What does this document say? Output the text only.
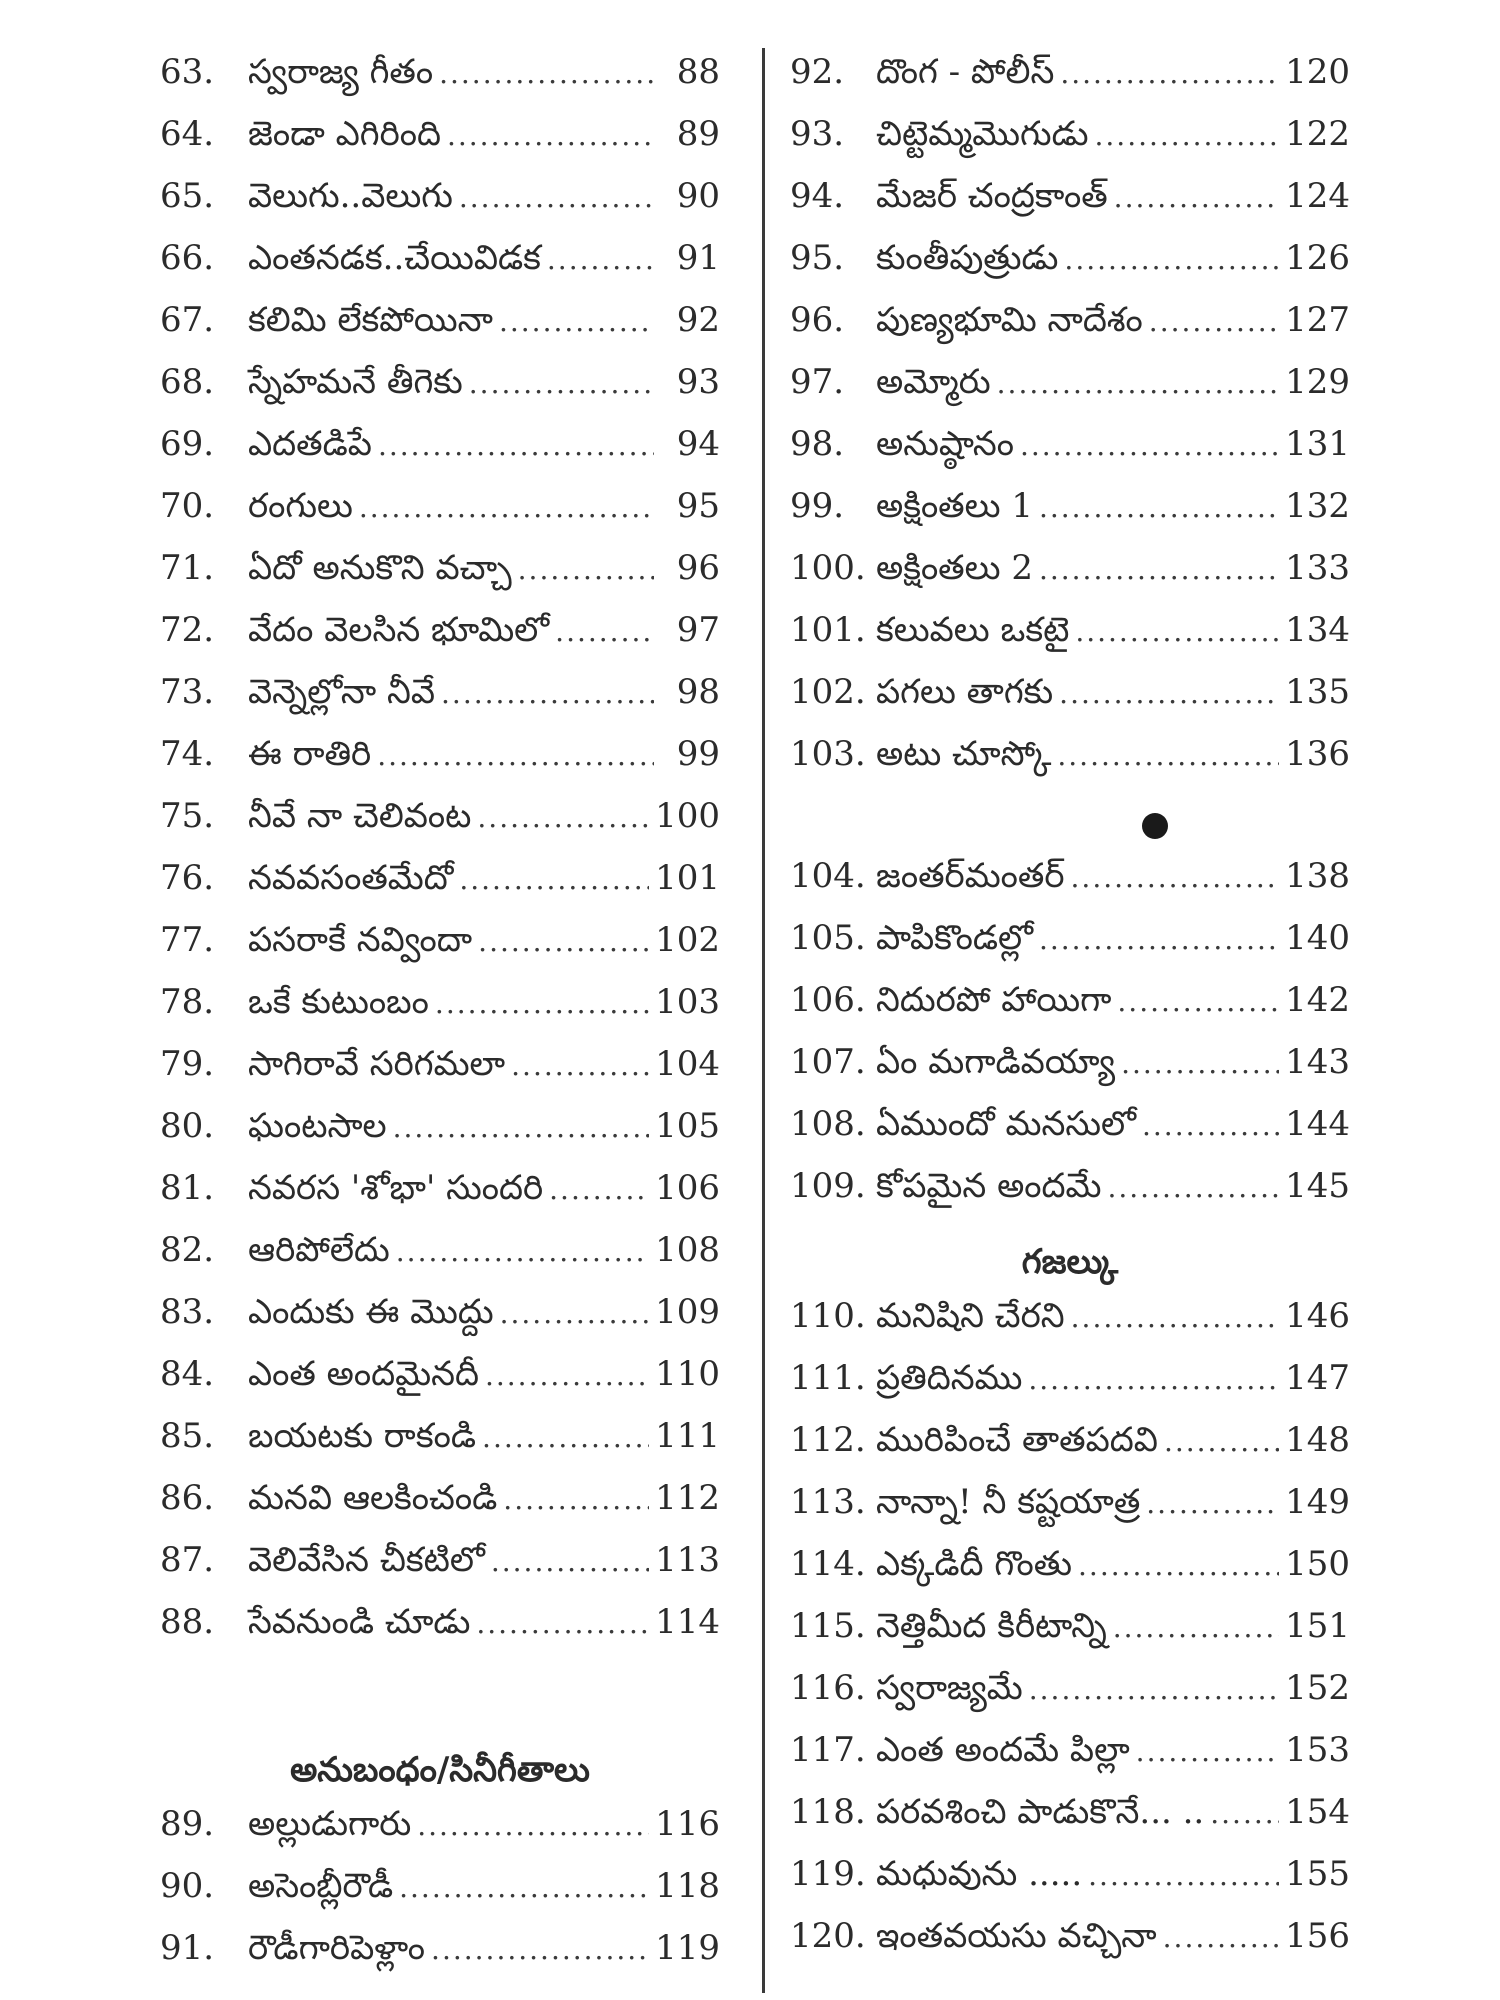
63. స్వరాజ్య గీతం .....	88
64. జెండా ఎగిరింది .....	89
65. వెలుగు..వెలుగు .....	90
66. ఎంతనడక..చేయివిడక .....	91
67. కలిమి లేకపోయినా .....	92
68. స్నేహమనే తీగెకు .....	93
69. ఎదతడిపే .....	94
70. రంగులు .....	95
71. ఏదో అనుకొని వచ్చా .....	96
72. వేదం వెలసిన భూమిలో .....	97
73. వెన్నెల్లోనా నీవే .....	98
74. ఈ రాతిరి .....	99
75. నీవే నా చెలివంట .....	100
76. నవవసంతమేదో .....	101
77. పసరాకే నవ్విందా .....	102
78. ఒకే కుటుంబం .....	103
79. సాగిరావే సరిగమలా .....	104
80. ఘంటసాల .....	105
81. నవరస 'శోభా' సుందరి .....	106
82. ఆరిపోలేదు .....	108
83. ఎందుకు ఈ మొద్దు .....	109
84. ఎంత అందమైనదీ .....	110
85. బయటకు రాకండి .....	111
86. మనవి ఆలకించండి .....	112
87. వెలివేసిన చీకటిలో .....	113
88. సేవనుండి చూడు .....	114
అనుబంధం/సినీగీతాలు
89. అల్లుడుగారు .....	116
90. అసెంబ్లీరౌడీ .....	118
91. రౌడీగారిపెళ్లాం .....	119
92. దొంగ - పోలీస్ .....	120
93. చిట్టెమ్మమొగుడు .....	122
94. మేజర్ చంద్రకాంత్ .....	124
95. కుంతీపుత్రుడు .....	126
96. పుణ్యభూమి నాదేశం .....	127
97. అమ్మోరు .....	129
98. అనుష్ఠానం .....	131
99. అక్షింతలు 1 .....	132
100. అక్షింతలు 2 .....	133
101. కలువలు ఒకటై .....	134
102. పగలు తాగకు .....	135
103. అటు చూస్కో .....	136
104. జంతర్‌మంతర్ .....	138
105. పాపికొండల్లో .....	140
106. నిదురపో హాయిగా .....	142
107. ఏం మగాడివయ్యా .....	143
108. ఏముందో మనసులో .....	144
109. కోపమైన అందమే .....	145
గజల్కు
110. మనిషిని చేరని .....	146
111. ప్రతిదినము .....	147
112. మురిపించే తాతపదవి .....	148
113. నాన్నా! నీ కష్టయాత్ర .....	149
114. ఎక్కడిదీ గొంతు .....	150
115. నెత్తిమీద కిరీటాన్ని .....	151
116. స్వరాజ్యమే .....	152
117. ఎంత అందమే పిల్లా .....	153
118. పరవశించి పాడుకొనే... .. ..... 154
119. మధువును ..... .....	155
120. ఇంతవయసు వచ్చినా .....	156
